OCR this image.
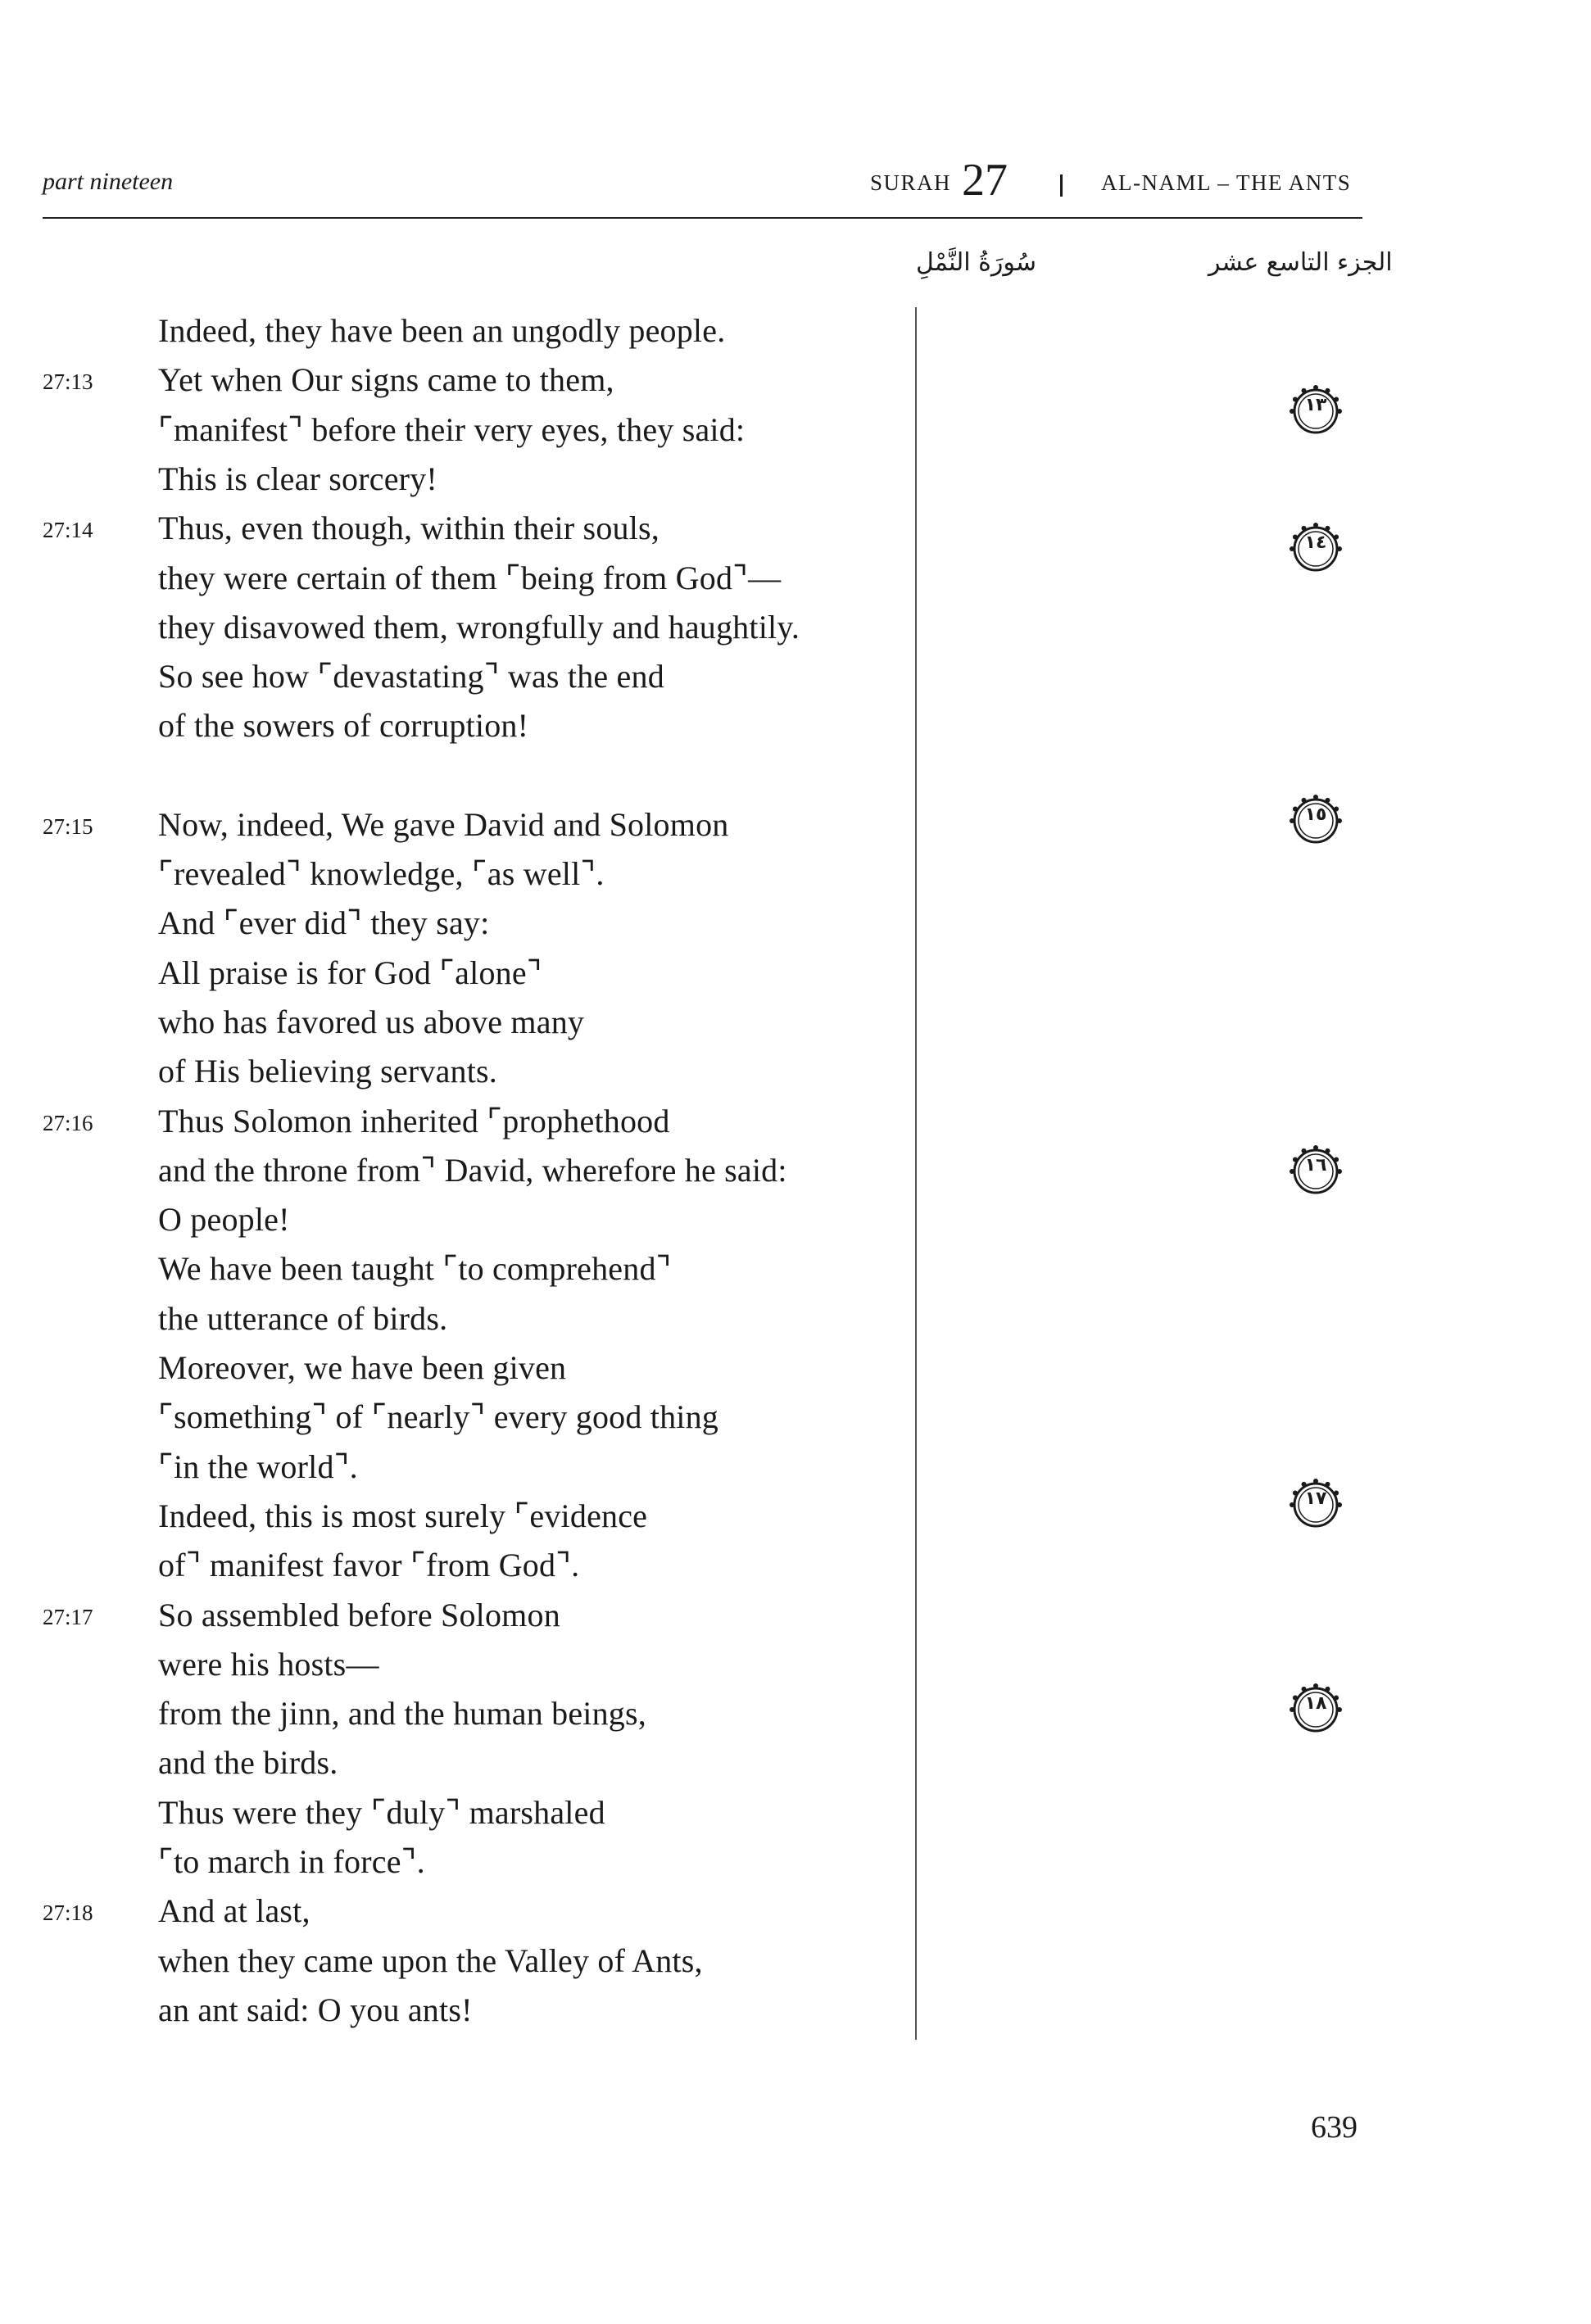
part nineteen	SURAH 27	AL-NAML – THE ANTS
سُورَةُ النَّمْلِ	الجزء التاسع عشر
Indeed, they have been an ungodly people.
27:13 Yet when Our signs came to them,
⌜manifest⌝ before their very eyes, they said:
This is clear sorcery!
27:14 Thus, even though, within their souls,
they were certain of them ⌜being from God⌝—
they disavowed them, wrongfully and haughtily.
So see how ⌜devastating⌝ was the end
of the sowers of corruption!
27:15 Now, indeed, We gave David and Solomon
⌜revealed⌝ knowledge, ⌜as well⌝.
And ⌜ever did⌝ they say:
All praise is for God ⌜alone⌝
who has favored us above many
of His believing servants.
27:16 Thus Solomon inherited ⌜prophethood
and the throne from⌝ David, wherefore he said:
O people!
We have been taught ⌜to comprehend⌝
the utterance of birds.
Moreover, we have been given
⌜something⌝ of ⌜nearly⌝ every good thing
⌜in the world⌝.
Indeed, this is most surely ⌜evidence
of⌝ manifest favor ⌜from God⌝.
27:17 So assembled before Solomon
were his hosts—
from the jinn, and the human beings,
and the birds.
Thus were they ⌜duly⌝ marshaled
⌜to march in force⌝.
27:18 And at last,
when they came upon the Valley of Ants,
an ant said: O you ants!
١٣
١٤
١٥
١٦
١٧
١٨
639
